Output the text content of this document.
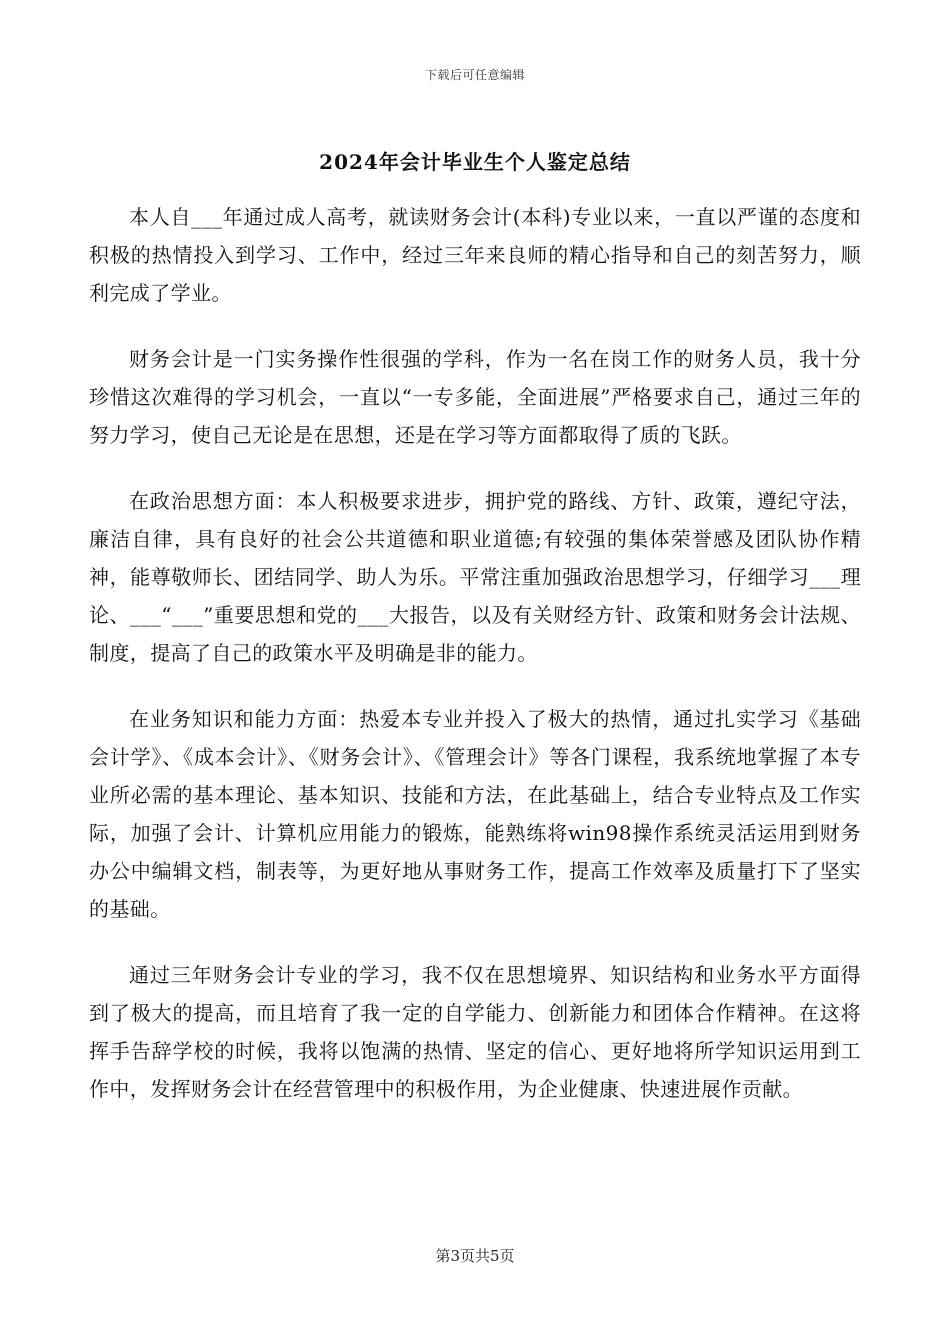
下载后可任意编辑
2024年会计毕业生个人鉴定总结

本人自___年通过成人高考，就读财务会计(本科)专业以来，一直以严谨的态度和积极的热情投入到学习、工作中，经过三年来良师的精心指导和自己的刻苦努力，顺利完成了学业。

财务会计是一门实务操作性很强的学科，作为一名在岗工作的财务人员，我十分珍惜这次难得的学习机会，一直以“一专多能，全面进展”严格要求自己，通过三年的努力学习，使自己无论是在思想，还是在学习等方面都取得了质的飞跃。

在政治思想方面：本人积极要求进步，拥护党的路线、方针、政策，遵纪守法，廉洁自律，具有良好的社会公共道德和职业道德;有较强的集体荣誉感及团队协作精神，能尊敬师长、团结同学、助人为乐。平常注重加强政治思想学习，仔细学习___理论、___“___”重要思想和党的___大报告，以及有关财经方针、政策和财务会计法规、制度，提高了自己的政策水平及明确是非的能力。

在业务知识和能力方面：热爱本专业并投入了极大的热情，通过扎实学习《基础会计学》、《成本会计》、《财务会计》、《管理会计》等各门课程，我系统地掌握了本专业所必需的基本理论、基本知识、技能和方法，在此基础上，结合专业特点及工作实际，加强了会计、计算机应用能力的锻炼，能熟练将win98操作系统灵活运用到财务办公中编辑文档，制表等，为更好地从事财务工作，提高工作效率及质量打下了坚实的基础。

通过三年财务会计专业的学习，我不仅在思想境界、知识结构和业务水平方面得到了极大的提高，而且培育了我一定的自学能力、创新能力和团体合作精神。在这将挥手告辞学校的时候，我将以饱满的热情、坚定的信心、更好地将所学知识运用到工作中，发挥财务会计在经营管理中的积极作用，为企业健康、快速进展作贡献。

第3页共5页
